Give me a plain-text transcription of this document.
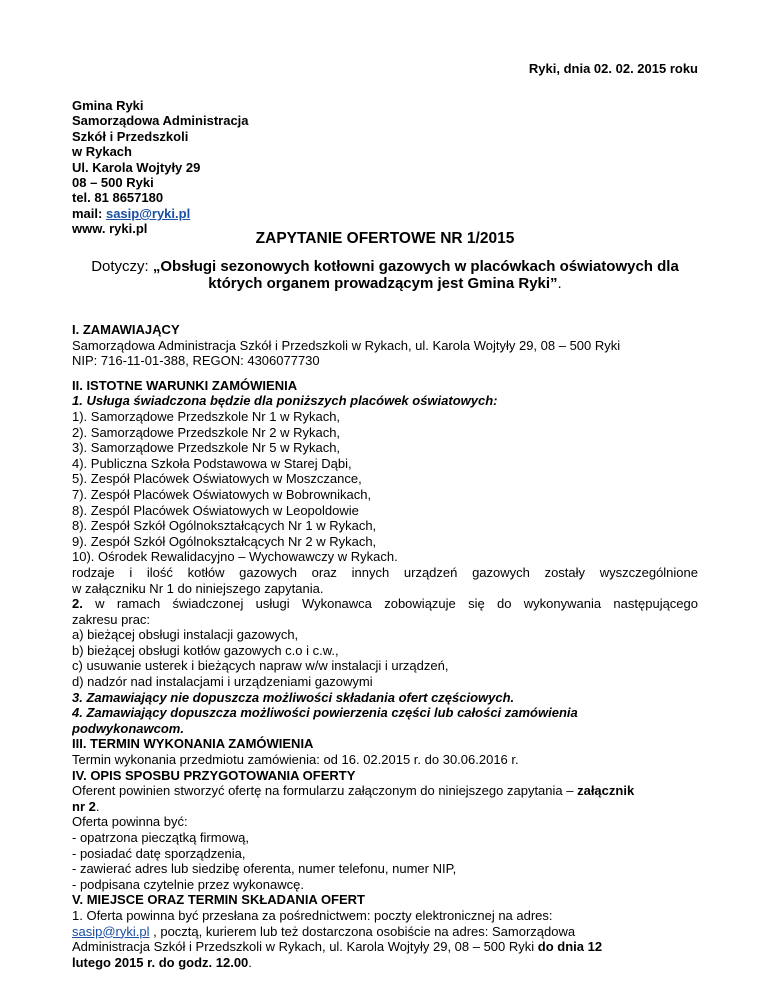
Ryki, dnia 02. 02. 2015 roku
Gmina Ryki
Samorządowa Administracja
Szkół i Przedszkoli
w Rykach
Ul. Karola Wojtyły 29
08 – 500 Ryki
tel. 81 8657180
mail: sasip@ryki.pl
www. ryki.pl
ZAPYTANIE OFERTOWE NR 1/2015
Dotyczy: „Obsługi sezonowych kotłowni gazowych w placówkach oświatowych dla
których organem prowadzącym jest Gmina Ryki”.
I. ZAMAWIAJĄCY
Samorządowa Administracja Szkół i Przedszkoli w Rykach, ul. Karola Wojtyły 29, 08 – 500 Ryki
NIP: 716-11-01-388, REGON: 4306077730
II. ISTOTNE WARUNKI ZAMÓWIENIA
1. Usługa świadczona będzie dla poniższych placówek oświatowych:
1). Samorządowe Przedszkole Nr 1 w Rykach,
2). Samorządowe Przedszkole Nr 2 w Rykach,
3). Samorządowe Przedszkole Nr 5 w Rykach,
4). Publiczna Szkoła Podstawowa w Starej Dąbi,
5). Zespół Placówek Oświatowych w Moszczance,
7). Zespół Placówek Oświatowych w Bobrownikach,
8). Zespól Placówek Oświatowych w Leopoldowie
8). Zespół Szkół Ogólnokształcących Nr 1 w Rykach,
9). Zespół Szkół Ogólnokształcących Nr 2 w Rykach,
10). Ośrodek Rewalidacyjno – Wychowawczy w Rykach.
rodzaje i ilość kotłów gazowych oraz innych urządzeń gazowych zostały wyszczególnione
w załączniku Nr 1 do niniejszego zapytania.
2. w ramach świadczonej usługi Wykonawca zobowiązuje się do wykonywania następującego
zakresu prac:
a) bieżącej obsługi instalacji gazowych,
b) bieżącej obsługi kotłów gazowych c.o i c.w.,
c) usuwanie usterek i bieżących napraw w/w instalacji i urządzeń,
d) nadzór nad instalacjami i urządzeniami gazowymi
3. Zamawiający nie dopuszcza możliwości składania ofert częściowych.
4. Zamawiający dopuszcza możliwości powierzenia części lub całości zamówienia
podwykonawcom.
III. TERMIN WYKONANIA ZAMÓWIENIA
Termin wykonania przedmiotu zamówienia: od 16. 02.2015 r. do 30.06.2016 r.
IV. OPIS SPOSBU PRZYGOTOWANIA OFERTY
Oferent powinien stworzyć ofertę na formularzu załączonym do niniejszego zapytania – załącznik
nr 2.
Oferta powinna być:
- opatrzona pieczątką firmową,
- posiadać datę sporządzenia,
- zawierać adres lub siedzibę oferenta, numer telefonu, numer NIP,
- podpisana czytelnie przez wykonawcę.
V. MIEJSCE ORAZ TERMIN SKŁADANIA OFERT
1. Oferta powinna być przesłana za pośrednictwem: poczty elektronicznej na adres:
sasip@ryki.pl , pocztą, kurierem lub też dostarczona osobiście na adres: Samorządowa
Administracja Szkół i Przedszkoli w Rykach, ul. Karola Wojtyły 29, 08 – 500 Ryki do dnia 12
lutego 2015 r. do godz. 12.00.
